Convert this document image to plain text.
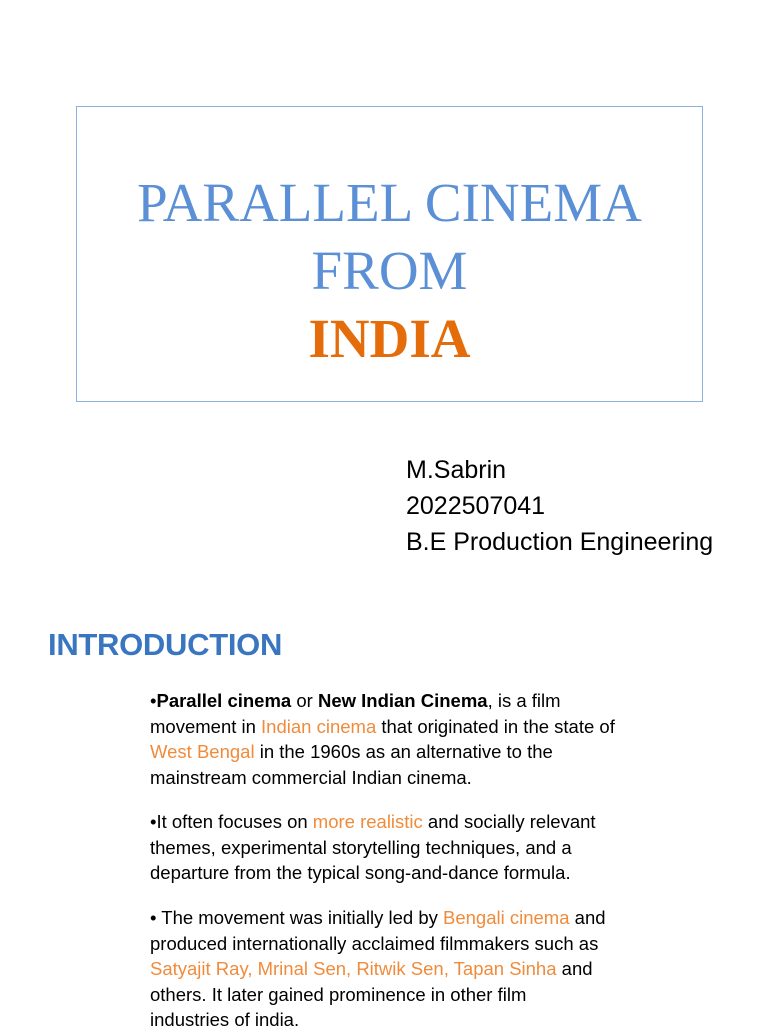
PARALLEL CINEMA
FROM
INDIA
M.Sabrin
2022507041
B.E Production Engineering
INTRODUCTION
•Parallel cinema or New Indian Cinema, is a film movement in Indian cinema that originated in the state of West Bengal in the 1960s as an alternative to the mainstream commercial Indian cinema.
•It often focuses on more realistic and socially relevant themes, experimental storytelling techniques, and a departure from the typical song-and-dance formula.
• The movement was initially led by Bengali cinema and produced internationally acclaimed filmmakers such as Satyajit Ray, Mrinal Sen, Ritwik Sen, Tapan Sinha and others. It later gained prominence in other film industries of india.
